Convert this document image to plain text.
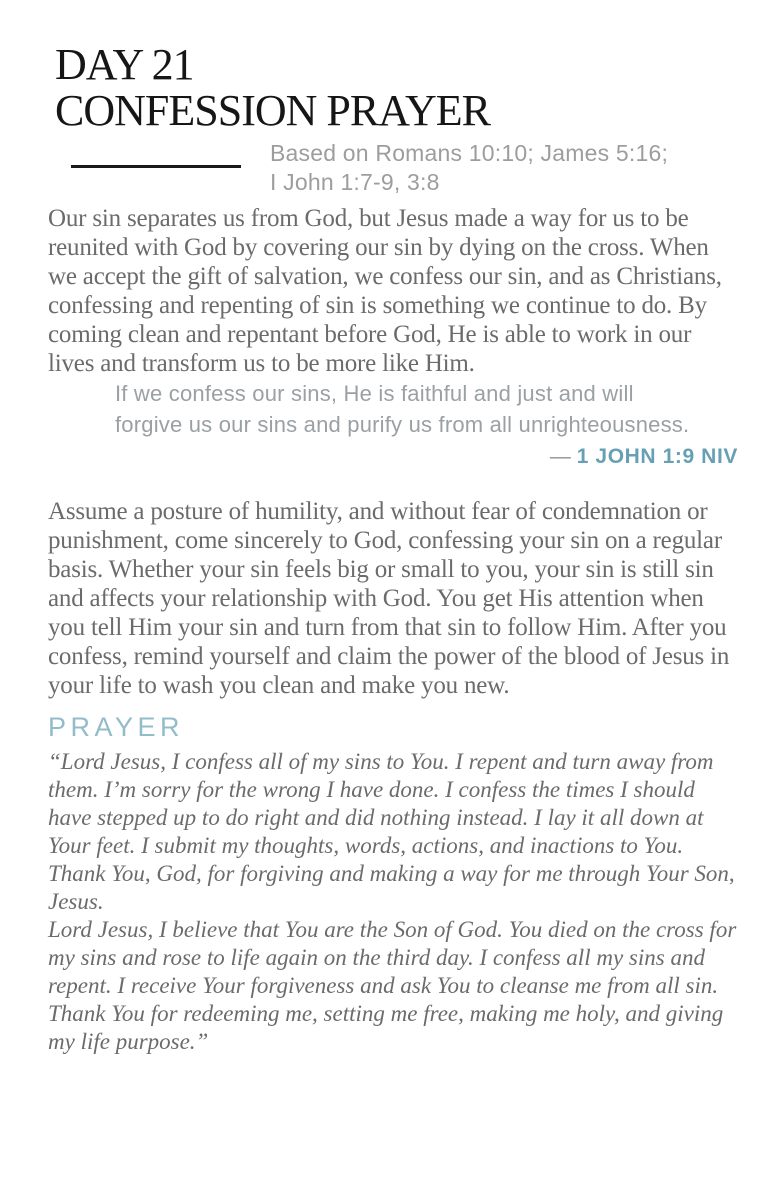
DAY 21
CONFESSION PRAYER
Based on Romans 10:10; James 5:16;
I John 1:7-9, 3:8

Our sin separates us from God, but Jesus made a way for us to be reunited with God by covering our sin by dying on the cross. When we accept the gift of salvation, we confess our sin, and as Christians, confessing and repenting of sin is something we continue to do. By coming clean and repentant before God, He is able to work in our lives and transform us to be more like Him.

If we confess our sins, He is faithful and just and will
forgive us our sins and purify us from all unrighteousness.
— 1 JOHN 1:9 NIV

Assume a posture of humility, and without fear of condemnation or punishment, come sincerely to God, confessing your sin on a regular basis. Whether your sin feels big or small to you, your sin is still sin and affects your relationship with God. You get His attention when you tell Him your sin and turn from that sin to follow Him. After you confess, remind yourself and claim the power of the blood of Jesus in your life to wash you clean and make you new.

PRAYER

“Lord Jesus, I confess all of my sins to You. I repent and turn away from them. I’m sorry for the wrong I have done. I confess the times I should have stepped up to do right and did nothing instead. I lay it all down at Your feet. I submit my thoughts, words, actions, and inactions to You. Thank You, God, for forgiving and making a way for me through Your Son, Jesus.

Lord Jesus, I believe that You are the Son of God. You died on the cross for my sins and rose to life again on the third day. I confess all my sins and repent. I receive Your forgiveness and ask You to cleanse me from all sin. Thank You for redeeming me, setting me free, making me holy, and giving my life purpose.”
